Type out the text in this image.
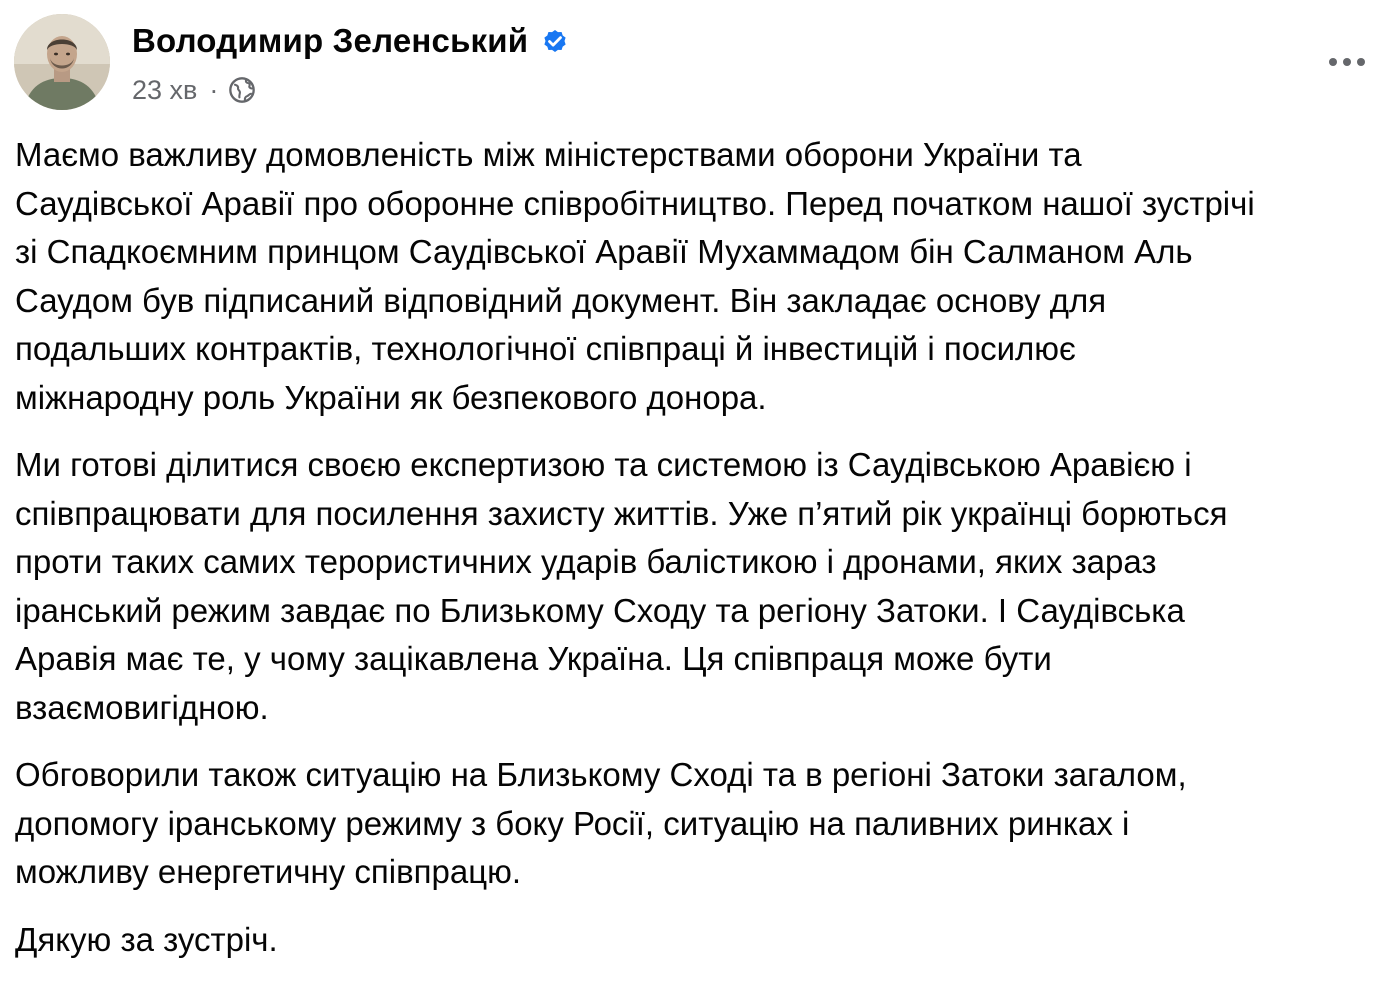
Володимир Зеленський
23 хв ·

Маємо важливу домовленість між міністерствами оборони України та
Саудівської Аравії про оборонне співробітництво. Перед початком нашої зустрічі
зі Спадкоємним принцом Саудівської Аравії Мухаммадом бін Салманом Аль
Саудом був підписаний відповідний документ. Він закладає основу для
подальших контрактів, технологічної співпраці й інвестицій і посилює
міжнародну роль України як безпекового донора.

Ми готові ділитися своєю експертизою та системою із Саудівською Аравією і
співпрацювати для посилення захисту життів. Уже п’ятий рік українці борються
проти таких самих терористичних ударів балістикою і дронами, яких зараз
іранський режим завдає по Близькому Сходу та регіону Затоки. І Саудівська
Аравія має те, у чому зацікавлена Україна. Ця співпраця може бути
взаємовигідною.

Обговорили також ситуацію на Близькому Сході та в регіоні Затоки загалом,
допомогу іранському режиму з боку Росії, ситуацію на паливних ринках і
можливу енергетичну співпрацю.

Дякую за зустріч.
